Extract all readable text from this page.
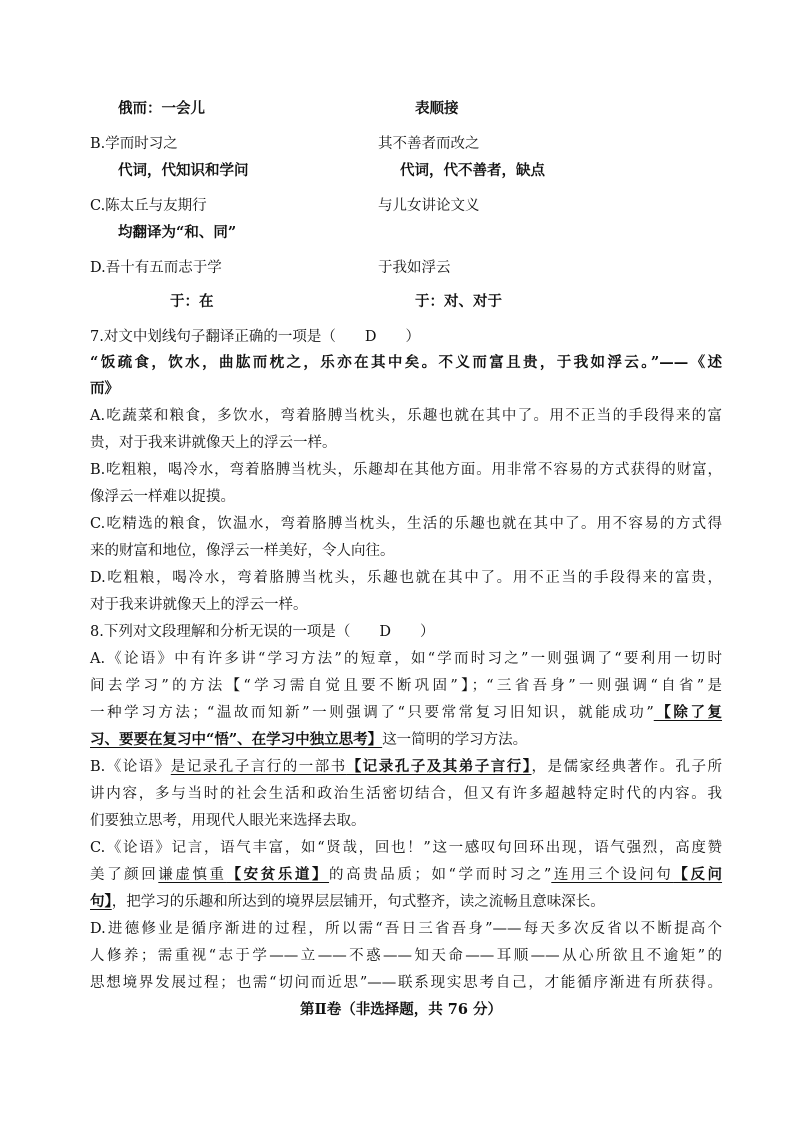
俄而：一会儿	表顺接
B.学而时习之	其不善者而改之
代词，代知识和学问	代词，代不善者，缺点
C.陈太丘与友期行	与儿女讲论文义
均翻译为“和、同”
D.吾十有五而志于学	于我如浮云
于：在	于：对、对于
7.对文中划线句子翻译正确的一项是（　　D　　）
“饭疏食，饮水，曲肱而枕之，乐亦在其中矣。不义而富且贵，于我如浮云。”——《述
而》
A.吃蔬菜和粮食，多饮水，弯着胳膊当枕头，乐趣也就在其中了。用不正当的手段得来的富
贵，对于我来讲就像天上的浮云一样。
B.吃粗粮，喝冷水，弯着胳膊当枕头，乐趣却在其他方面。用非常不容易的方式获得的财富，
像浮云一样难以捉摸。
C.吃精选的粮食，饮温水，弯着胳膊当枕头，生活的乐趣也就在其中了。用不容易的方式得
来的财富和地位，像浮云一样美好，令人向往。
D.吃粗粮，喝冷水，弯着胳膊当枕头，乐趣也就在其中了。用不正当的手段得来的富贵，
对于我来讲就像天上的浮云一样。
8.下列对文段理解和分析无误的一项是（　　D　　）
A.《论语》中有许多讲“学习方法”的短章，如“学而时习之”一则强调了“要利用一切时
间去学习”的方法【“学习需自觉且要不断巩固”】；“三省吾身”一则强调“自省”是
一种学习方法；“温故而知新”一则强调了“只要常常复习旧知识，就能成功”【除了复
习、要要在复习中“悟”、在学习中独立思考】这一简明的学习方法。
B.《论语》是记录孔子言行的一部书【记录孔子及其弟子言行】，是儒家经典著作。孔子所
讲内容，多与当时的社会生活和政治生活密切结合，但又有许多超越特定时代的内容。我
们要独立思考，用现代人眼光来选择去取。
C.《论语》记言，语气丰富，如“贤哉，回也！”这一感叹句回环出现，语气强烈，高度赞
美了颜回谦虚慎重【安贫乐道】的高贵品质；如“学而时习之”连用三个设问句【反问
句】，把学习的乐趣和所达到的境界层层铺开，句式整齐，读之流畅且意味深长。
D.进德修业是循序渐进的过程，所以需“吾日三省吾身”——每天多次反省以不断提高个
人修养；需重视“志于学——立——不惑——知天命——耳顺——从心所欲且不逾矩”的
思想境界发展过程；也需“切问而近思”——联系现实思考自己，才能循序渐进有所获得。
第Ⅱ卷（非选择题，共 76 分）
